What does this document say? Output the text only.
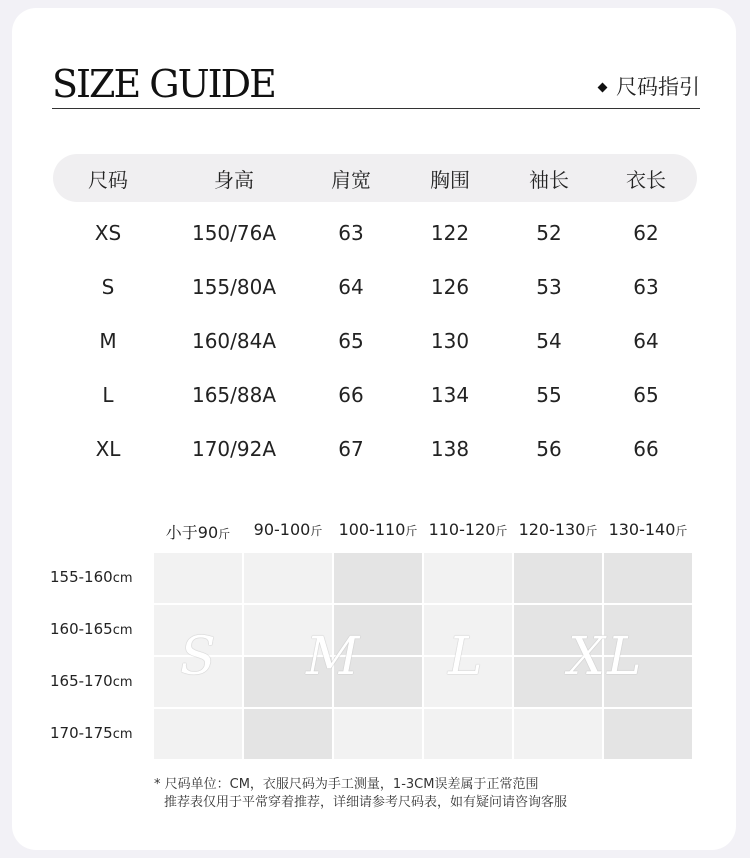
SIZE GUIDE	尺码指引
尺码	身高	肩宽	胸围	袖长	衣长
XS	150/76A	63	122	52	62
S	155/80A	64	126	53	63
M	160/84A	65	130	54	64
L	165/88A	66	134	55	65
XL	170/92A	67	138	56	66
小于90斤	90-100斤	100-110斤 110-120斤 120-130斤 130-140斤
155-160cm
160-165cm
165-170cm
170-175cm
S M L XL
* 尺码单位：CM，衣服尺码为手工测量，1-3CM误差属于正常范围
推荐表仅用于平常穿着推荐，详细请参考尺码表，如有疑问请咨询客服
